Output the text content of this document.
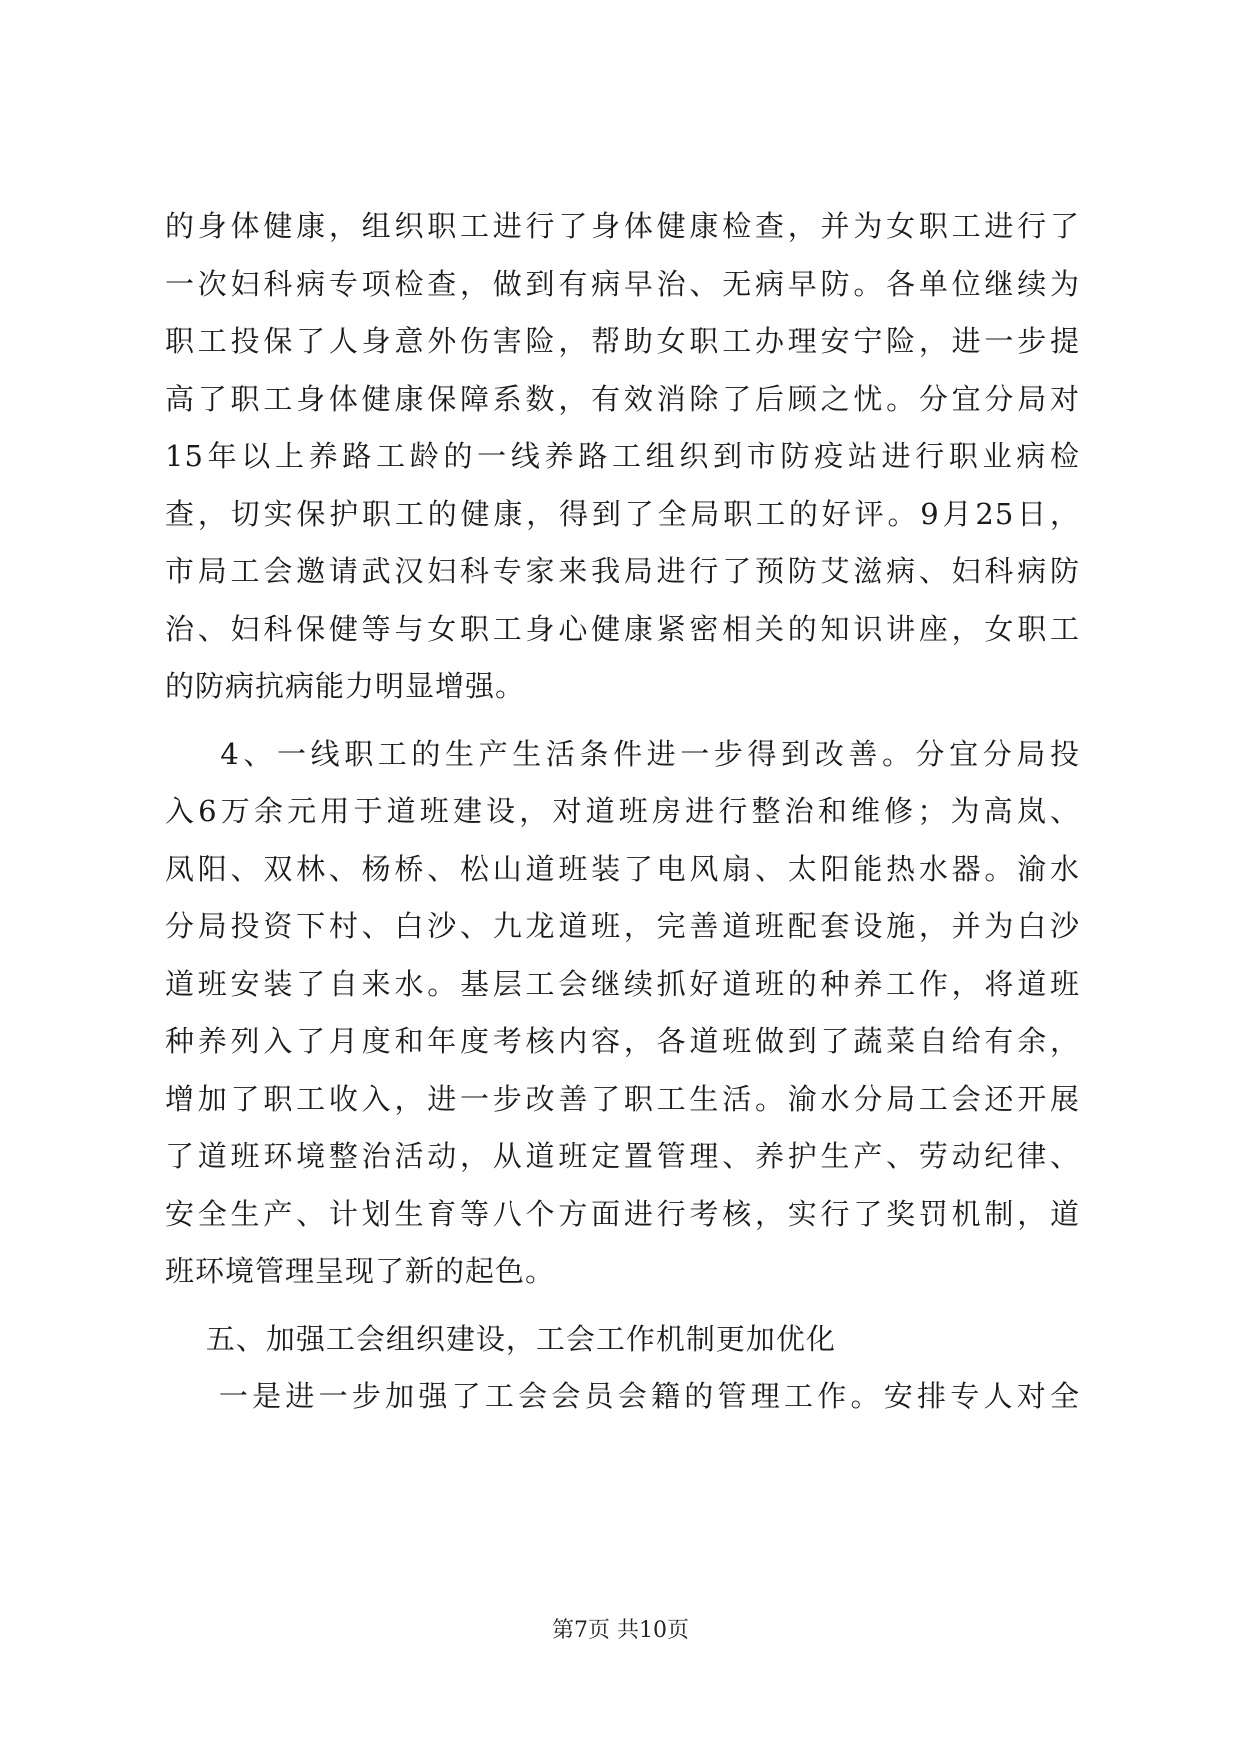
的身体健康，组织职工进行了身体健康检查，并为女职工进行了
一次妇科病专项检查，做到有病早治、无病早防。各单位继续为
职工投保了人身意外伤害险，帮助女职工办理安宁险，进一步提
高了职工身体健康保障系数，有效消除了后顾之忧。分宜分局对
15年以上养路工龄的一线养路工组织到市防疫站进行职业病检
查，切实保护职工的健康，得到了全局职工的好评。9月25日，
市局工会邀请武汉妇科专家来我局进行了预防艾滋病、妇科病防
治、妇科保健等与女职工身心健康紧密相关的知识讲座，女职工
的防病抗病能力明显增强。
4、一线职工的生产生活条件进一步得到改善。分宜分局投
入6万余元用于道班建设，对道班房进行整治和维修；为高岚、
凤阳、双林、杨桥、松山道班装了电风扇、太阳能热水器。渝水
分局投资下村、白沙、九龙道班，完善道班配套设施，并为白沙
道班安装了自来水。基层工会继续抓好道班的种养工作，将道班
种养列入了月度和年度考核内容，各道班做到了蔬菜自给有余，
增加了职工收入，进一步改善了职工生活。渝水分局工会还开展
了道班环境整治活动，从道班定置管理、养护生产、劳动纪律、
安全生产、计划生育等八个方面进行考核，实行了奖罚机制，道
班环境管理呈现了新的起色。
五、加强工会组织建设，工会工作机制更加优化
一是进一步加强了工会会员会籍的管理工作。安排专人对全
第7页 共10页
